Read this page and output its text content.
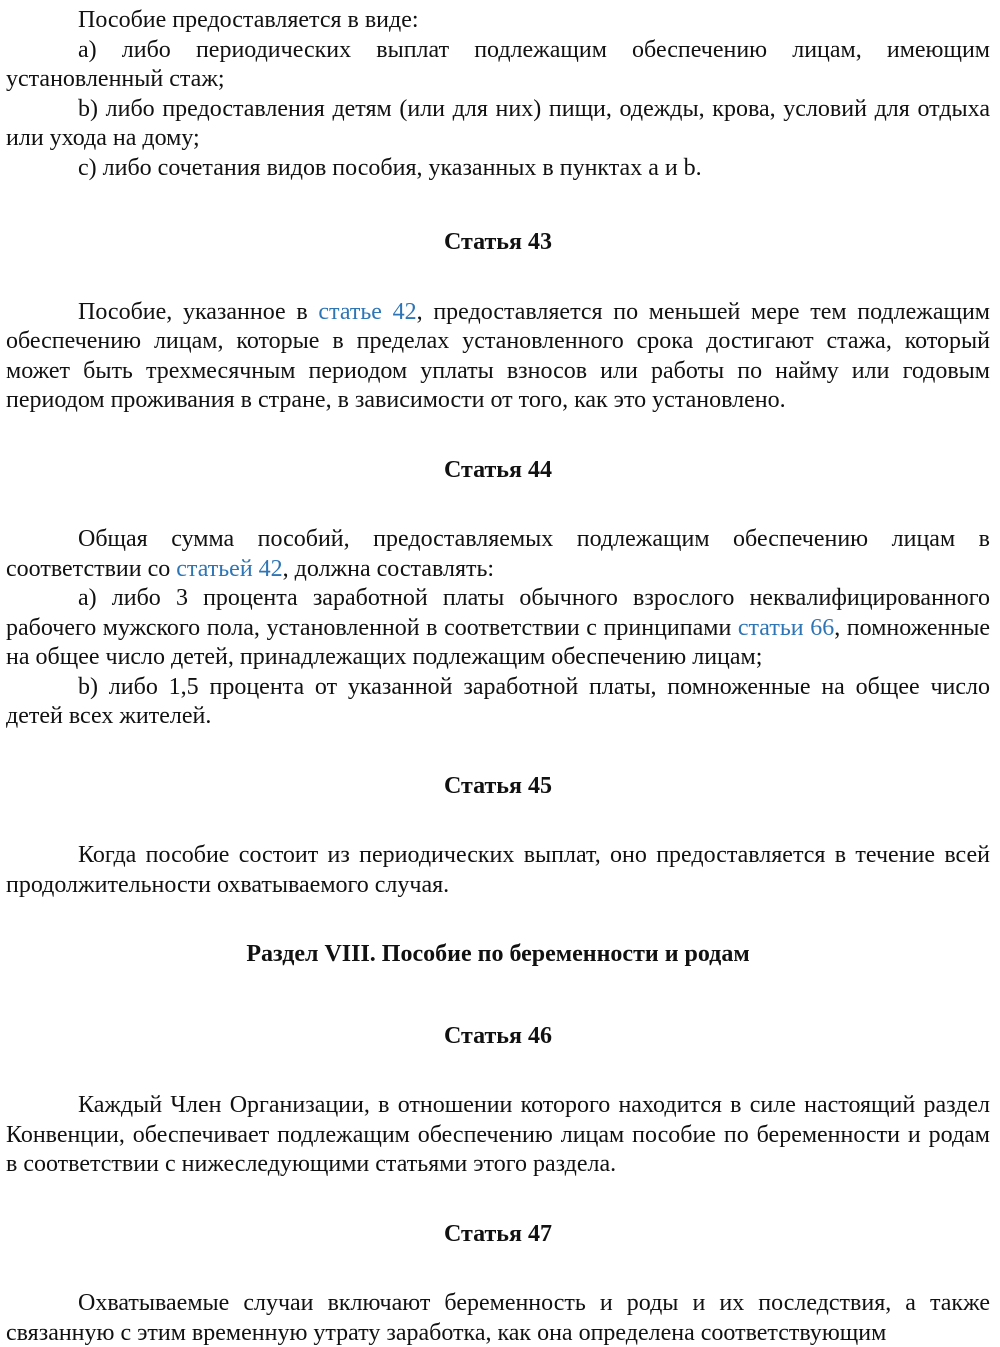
Пособие предоставляется в виде:

a) либо периодических выплат подлежащим обеспечению лицам, имеющим установленный стаж;

b) либо предоставления детям (или для них) пищи, одежды, крова, условий для отдыха или ухода на дому;

c) либо сочетания видов пособия, указанных в пунктах a и b.

Статья 43

Пособие, указанное в статье 42, предоставляется по меньшей мере тем подлежащим обеспечению лицам, которые в пределах установленного срока достигают стажа, который может быть трехмесячным периодом уплаты взносов или работы по найму или годовым периодом проживания в стране, в зависимости от того, как это установлено.

Статья 44

Общая сумма пособий, предоставляемых подлежащим обеспечению лицам в соответствии со статьей 42, должна составлять:

a) либо 3 процента заработной платы обычного взрослого неквалифицированного рабочего мужского пола, установленной в соответствии с принципами статьи 66, помноженные на общее число детей, принадлежащих подлежащим обеспечению лицам;

b) либо 1,5 процента от указанной заработной платы, помноженные на общее число детей всех жителей.

Статья 45

Когда пособие состоит из периодических выплат, оно предоставляется в течение всей продолжительности охватываемого случая.

Раздел VIII. Пособие по беременности и родам

Статья 46

Каждый Член Организации, в отношении которого находится в силе настоящий раздел Конвенции, обеспечивает подлежащим обеспечению лицам пособие по беременности и родам в соответствии с нижеследующими статьями этого раздела.

Статья 47

Охватываемые случаи включают беременность и роды и их последствия, а также связанную с этим временную утрату заработка, как она определена соответствующим
